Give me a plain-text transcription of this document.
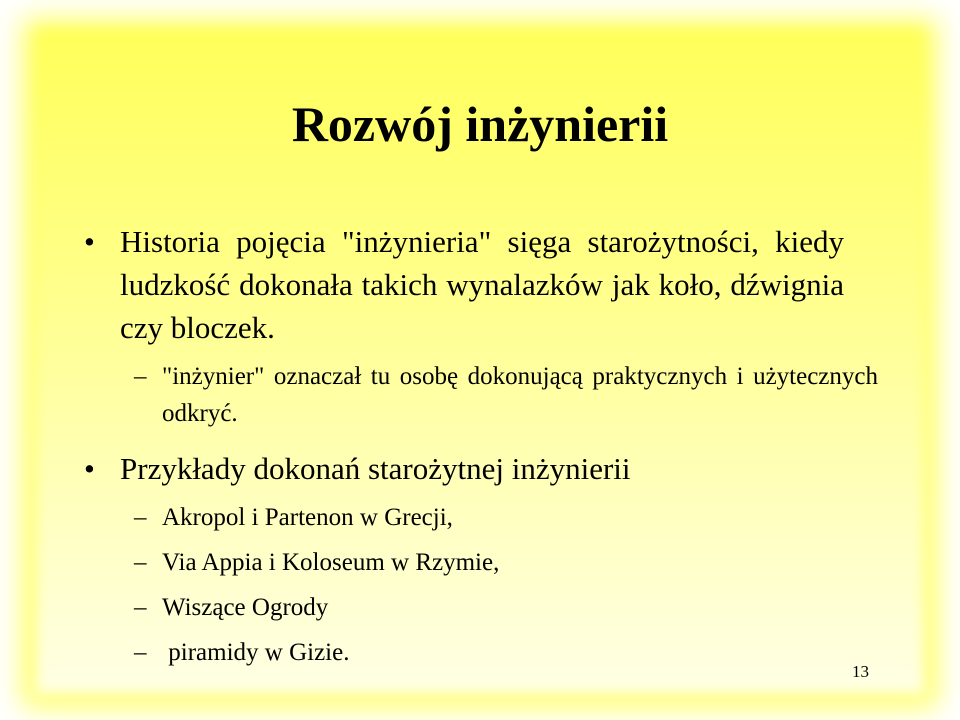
Rozwój inżynierii
• Historia pojęcia "inżynieria" sięga starożytności, kiedy ludzkość dokonała takich wynalazków jak koło, dźwignia czy bloczek.
– "inżynier" oznaczał tu osobę dokonującą praktycznych i użytecznych odkryć.
• Przykłady dokonań starożytnej inżynierii
– Akropol i Partenon w Grecji,
– Via Appia i Koloseum w Rzymie,
– Wiszące Ogrody
– piramidy w Gizie.
13
